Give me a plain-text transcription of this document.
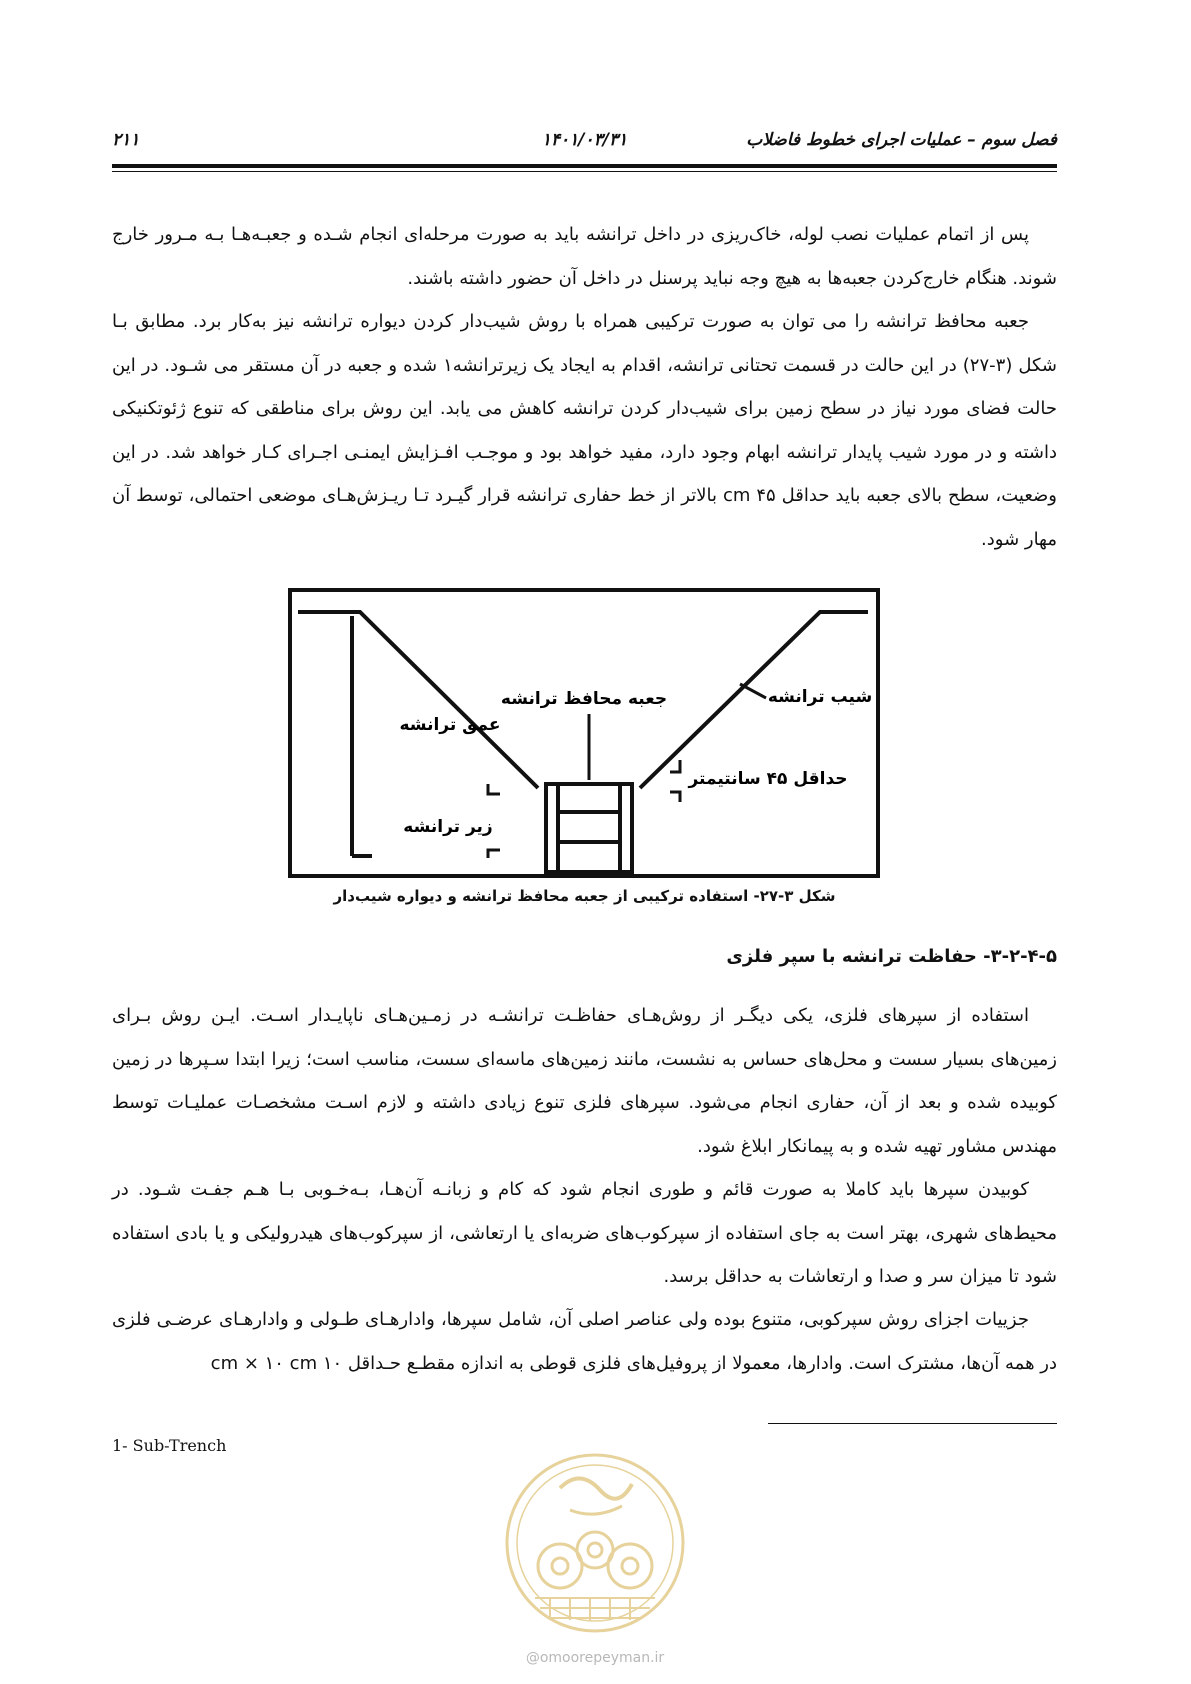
فصل سوم – عملیات اجرای خطوط فاضلاب
۱۴۰۱/۰۳/۳۱
۲۱۱

پس از اتمام عملیات نصب لوله، خاک‌ریزی در داخل ترانشه باید به صورت مرحله‌ای انجام شـده و جعبـه‌هـا بـه مـرور خارج شوند. هنگام خارج‌کردن جعبه‌ها به هیچ وجه نباید پرسنل در داخل آن حضور داشته باشند.

جعبه محافظ ترانشه را می توان به صورت ترکیبی همراه با روش شیب‌دار کردن دیواره ترانشه نیز به‌کار برد. مطابق بـا شکل (۳-۲۷) در این حالت در قسمت تحتانی ترانشه، اقدام به ایجاد یک زیرترانشه۱ شده و جعبه در آن مستقر می شـود. در این حالت فضای مورد نیاز در سطح زمین برای شیب‌دار کردن ترانشه کاهش می یابد. این روش برای مناطقی که تنوع ژئوتکنیکی داشته و در مورد شیب پایدار ترانشه ابهام وجود دارد، مفید خواهد بود و موجـب افـزایش ایمنـی اجـرای کـار خواهد شد. در این وضعیت، سطح بالای جعبه باید حداقل ۴۵ cm بالاتر از خط حفاری ترانشه قرار گیـرد تـا ریـزش‌هـای موضعی احتمالی، توسط آن مهار شود.

عمق ترانشه
جعبه محافظ ترانشه	شیب ترانشه
حداقل ۴۵ سانتیمتر
زیر ترانشه
شکل ۳-۲۷- استفاده ترکیبی از جعبه محافظ ترانشه و دیواره شیب‌دار
۳-۲-۴-۵- حفاظت ترانشه با سپر فلزی

استفاده از سپرهای فلزی، یکی دیگـر از روش‌هـای حفاظـت ترانشـه در زمـین‌هـای ناپایـدار اسـت. ایـن روش بـرای زمین‌های بسیار سست و محل‌های حساس به نشست، مانند زمین‌های ماسه‌ای سست، مناسب است؛ زیرا ابتدا سـپرها در زمین کوبیده شده و بعد از آن، حفاری انجام می‌شود. سپرهای فلزی تنوع زیادی داشته و لازم اسـت مشخصـات عملیـات توسط مهندس مشاور تهیه شده و به پیمانکار ابلاغ شود.

کوبیدن سپرها باید کاملا به صورت قائم و طوری انجام شود که کام و زبانـه آن‌هـا، بـه‌خـوبی بـا هـم جفـت شـود. در محیط‌های شهری، بهتر است به جای استفاده از سپرکوب‌های ضربه‌ای یا ارتعاشی، از سپرکوب‌های هیدرولیکی و یا بادی استفاده شود تا میزان سر و صدا و ارتعاشات به حداقل برسد.

جزییات اجزای روش سپرکوبی، متنوع بوده ولی عناصر اصلی آن، شامل سپرها، وادارهـای طـولی و وادارهـای عرضـی فلزی در همه آن‌ها، مشترک است. وادارها، معمولا از پروفیل‌های فلزی قوطی به اندازه مقطـع حـداقل ۱۰ cm × ۱۰ cm

1- Sub-Trench
@omoorepeyman.ir
